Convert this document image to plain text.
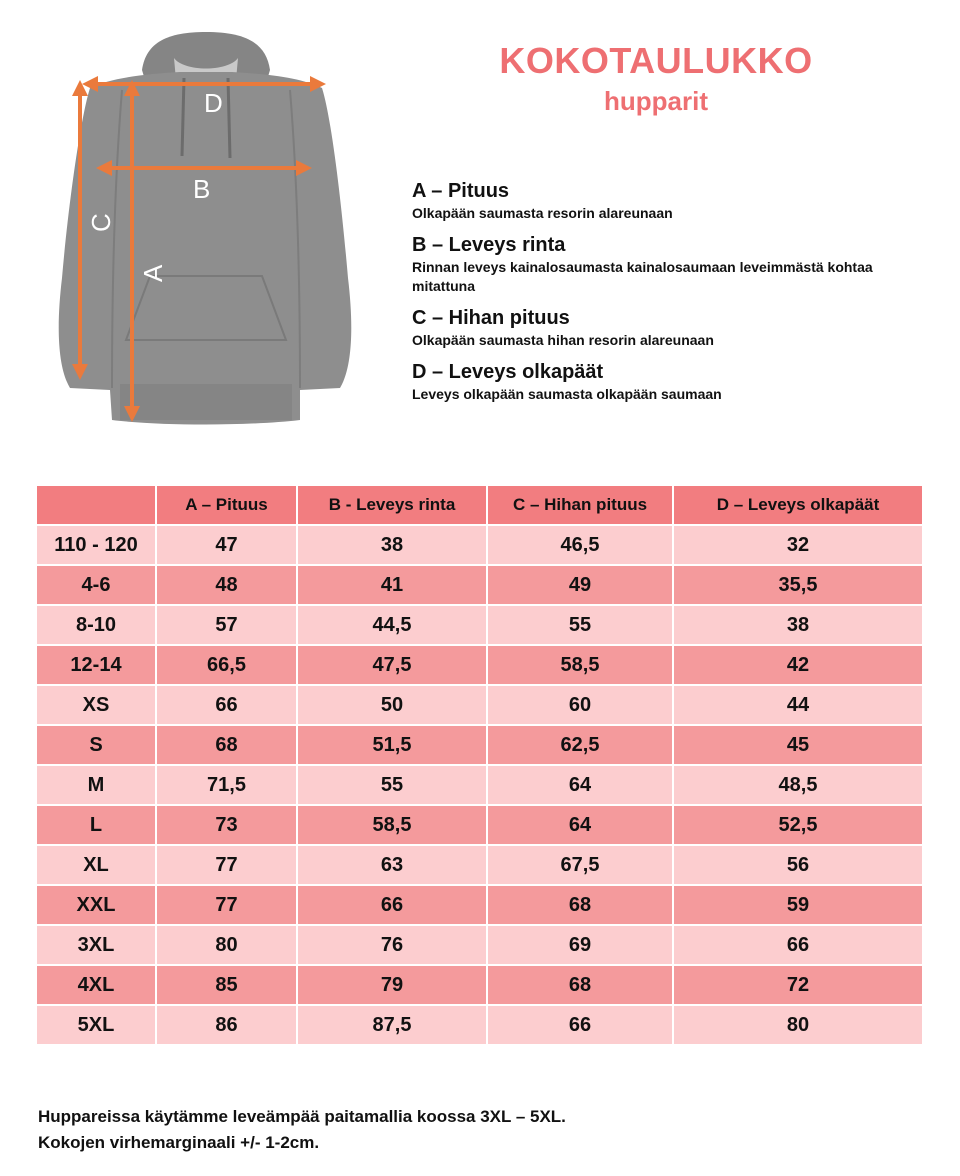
D
B
C
A
KOKOTAULUKKO
hupparit
A – Pituus
Olkapään saumasta resorin alareunaan
B – Leveys rinta
Rinnan leveys kainalosaumasta kainalosaumaan leveimmästä kohtaa mitattuna
C – Hihan pituus
Olkapään saumasta hihan resorin alareunaan
D – Leveys olkapäät
Leveys olkapään saumasta olkapään saumaan
	A – Pituus	B - Leveys rinta	C – Hihan pituus	D – Leveys olkapäät
110 - 120	47	38	46,5	32
4-6	48	41	49	35,5
8-10	57	44,5	55	38
12-14	66,5	47,5	58,5	42
XS	66	50	60	44
S	68	51,5	62,5	45
M	71,5	55	64	48,5
L	73	58,5	64	52,5
XL	77	63	67,5	56
XXL	77	66	68	59
3XL	80	76	69	66
4XL	85	79	68	72
5XL	86	87,5	66	80
Huppareissa käytämme leveämpää paitamallia koossa 3XL – 5XL.
Kokojen virhemarginaali +/- 1-2cm.
